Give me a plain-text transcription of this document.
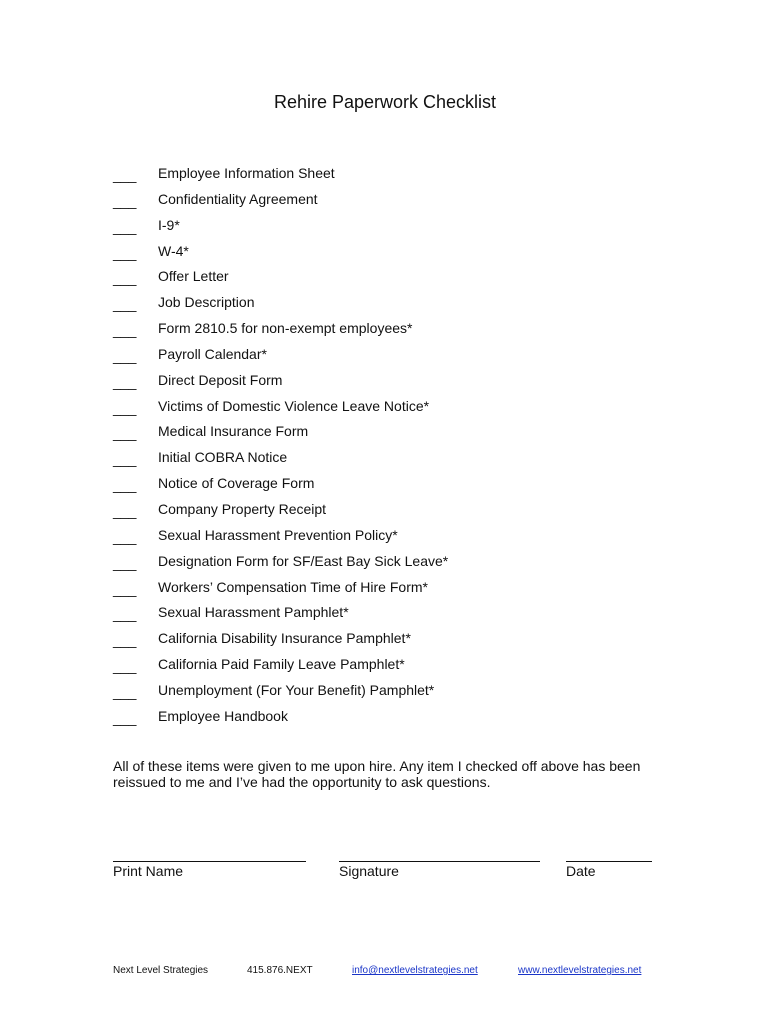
Rehire Paperwork Checklist
___	Employee Information Sheet
___	Confidentiality Agreement
___	I-9*
___	W-4*
___	Offer Letter
___	Job Description
___	Form 2810.5 for non-exempt employees*
___	Payroll Calendar*
___	Direct Deposit Form
___	Victims of Domestic Violence Leave Notice*
___	Medical Insurance Form
___	Initial COBRA Notice
___	Notice of Coverage Form
___	Company Property Receipt
___	Sexual Harassment Prevention Policy*
___	Designation Form for SF/East Bay Sick Leave*
___	Workers’ Compensation Time of Hire Form*
___	Sexual Harassment Pamphlet*
___	California Disability Insurance Pamphlet*
___	California Paid Family Leave Pamphlet*
___	Unemployment (For Your Benefit) Pamphlet*
___	Employee Handbook
All of these items were given to me upon hire. Any item I checked off above has been reissued to me and I’ve had the opportunity to ask questions.
Print Name	Signature	Date
Next Level Strategies	415.876.NEXT	info@nextlevelstrategies.net	www.nextlevelstrategies.net
